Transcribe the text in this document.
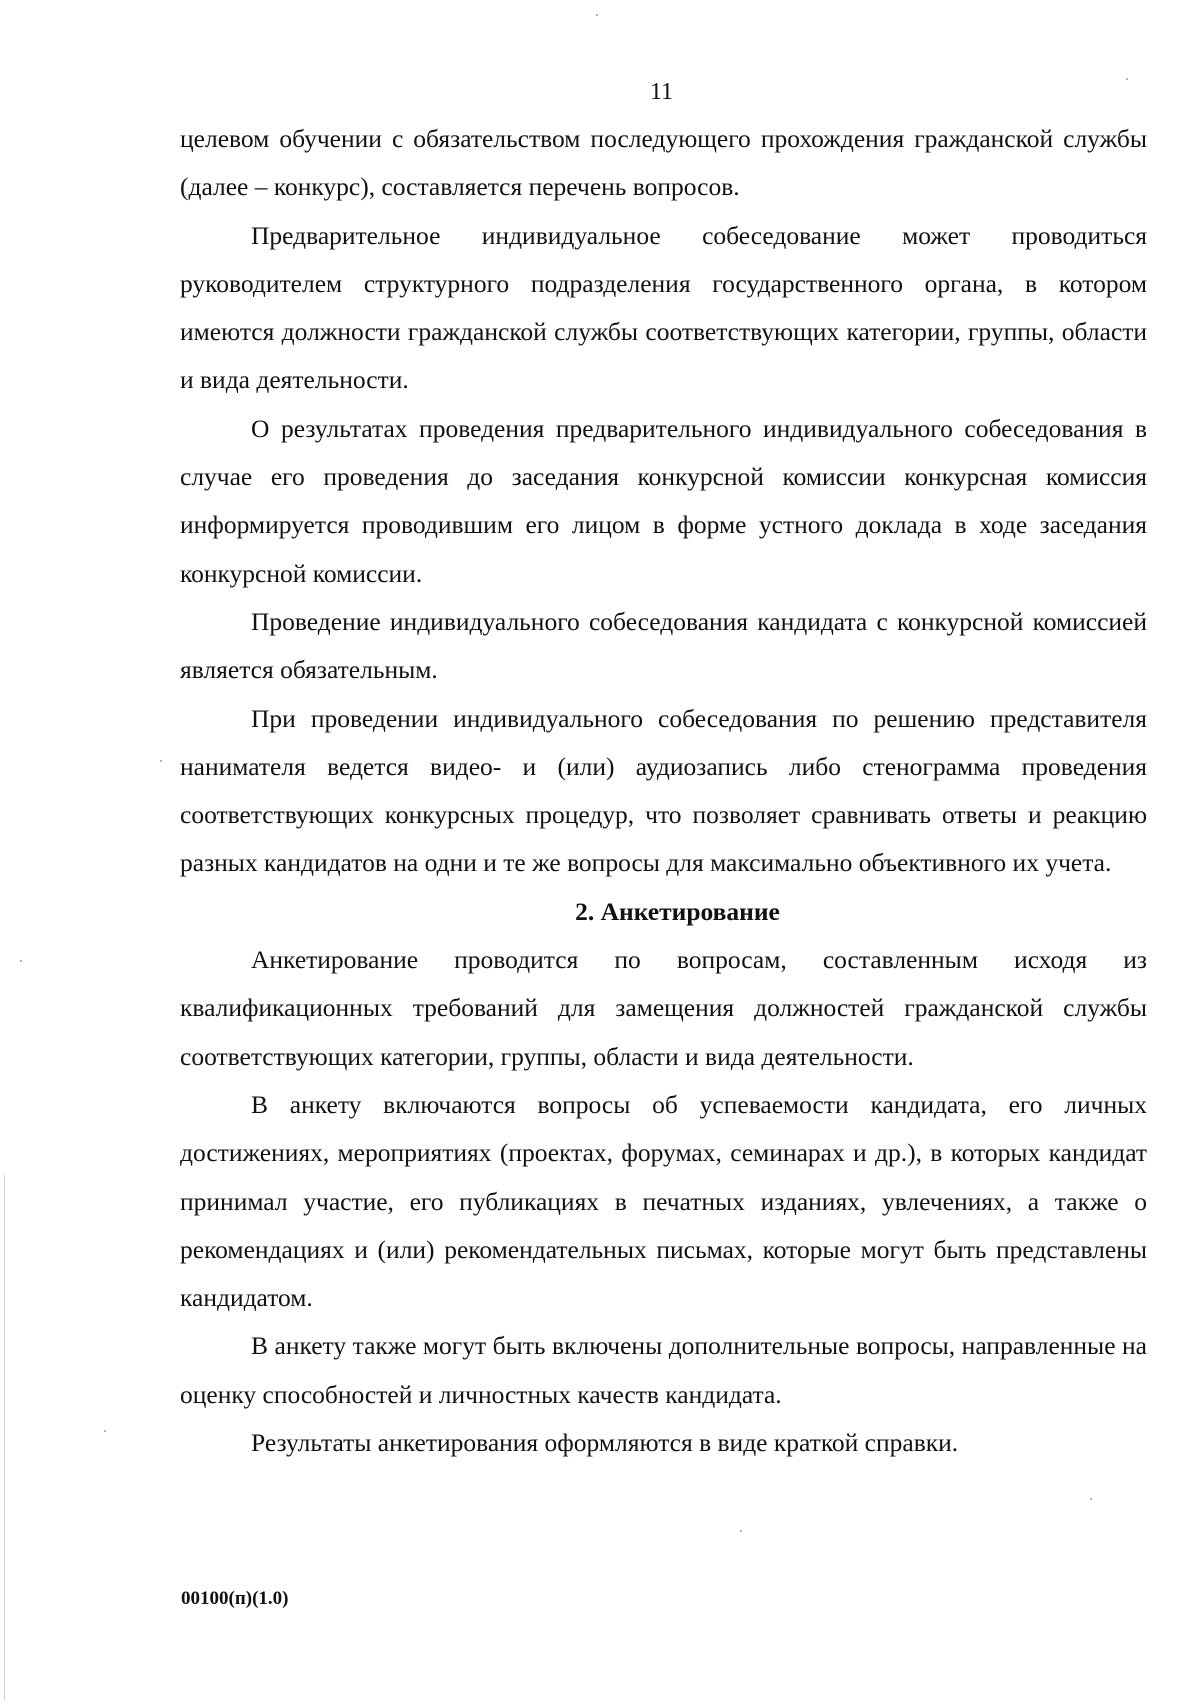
11

целевом обучении с обязательством последующего прохождения гражданской службы (далее – конкурс), составляется перечень вопросов.

Предварительное индивидуальное собеседование может проводиться руководителем структурного подразделения государственного органа, в котором имеются должности гражданской службы соответствующих категории, группы, области и вида деятельности.

О результатах проведения предварительного индивидуального собеседования в случае его проведения до заседания конкурсной комиссии конкурсная комиссия информируется проводившим его лицом в форме устного доклада в ходе заседания конкурсной комиссии.

Проведение индивидуального собеседования кандидата с конкурсной комиссией является обязательным.

При проведении индивидуального собеседования по решению представителя нанимателя ведется видео- и (или) аудиозапись либо стенограмма проведения соответствующих конкурсных процедур, что позволяет сравнивать ответы и реакцию разных кандидатов на одни и те же вопросы для максимально объективного их учета.

2. Анкетирование

Анкетирование проводится по вопросам, составленным исходя из квалификационных требований для замещения должностей гражданской службы соответствующих категории, группы, области и вида деятельности.

В анкету включаются вопросы об успеваемости кандидата, его личных достижениях, мероприятиях (проектах, форумах, семинарах и др.), в которых кандидат принимал участие, его публикациях в печатных изданиях, увлечениях, а также о рекомендациях и (или) рекомендательных письмах, которые могут быть представлены кандидатом.

В анкету также могут быть включены дополнительные вопросы, направленные на оценку способностей и личностных качеств кандидата.

Результаты анкетирования оформляются в виде краткой справки.

00100(п)(1.0)
